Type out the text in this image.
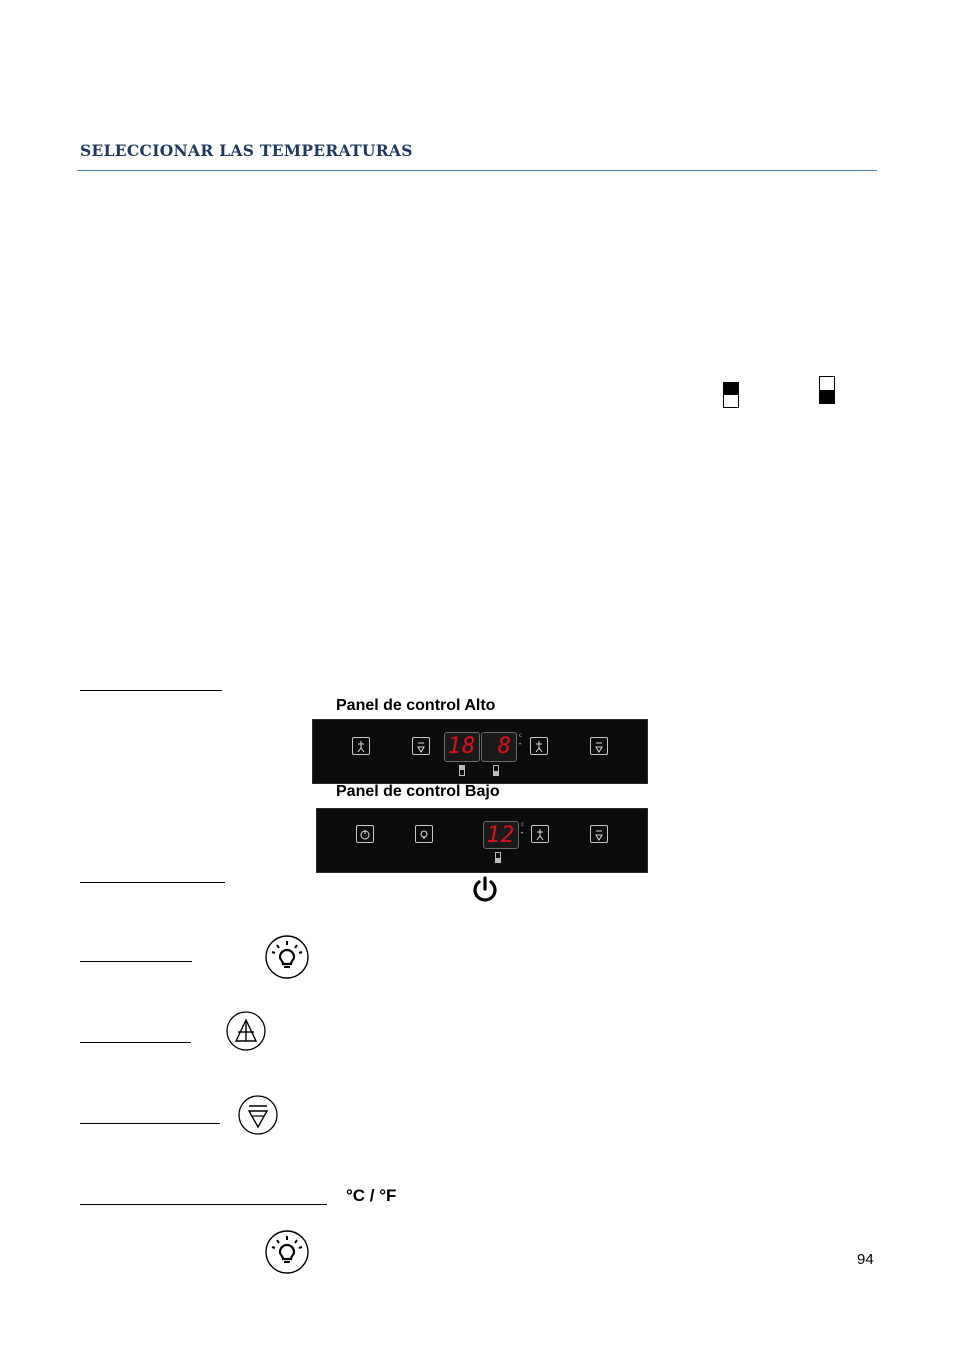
SELECCIONAR LAS TEMPERATURAS
Panel de control Alto
18 8	c
•
Panel de control Bajo
12 c
•
°C / °F
94
